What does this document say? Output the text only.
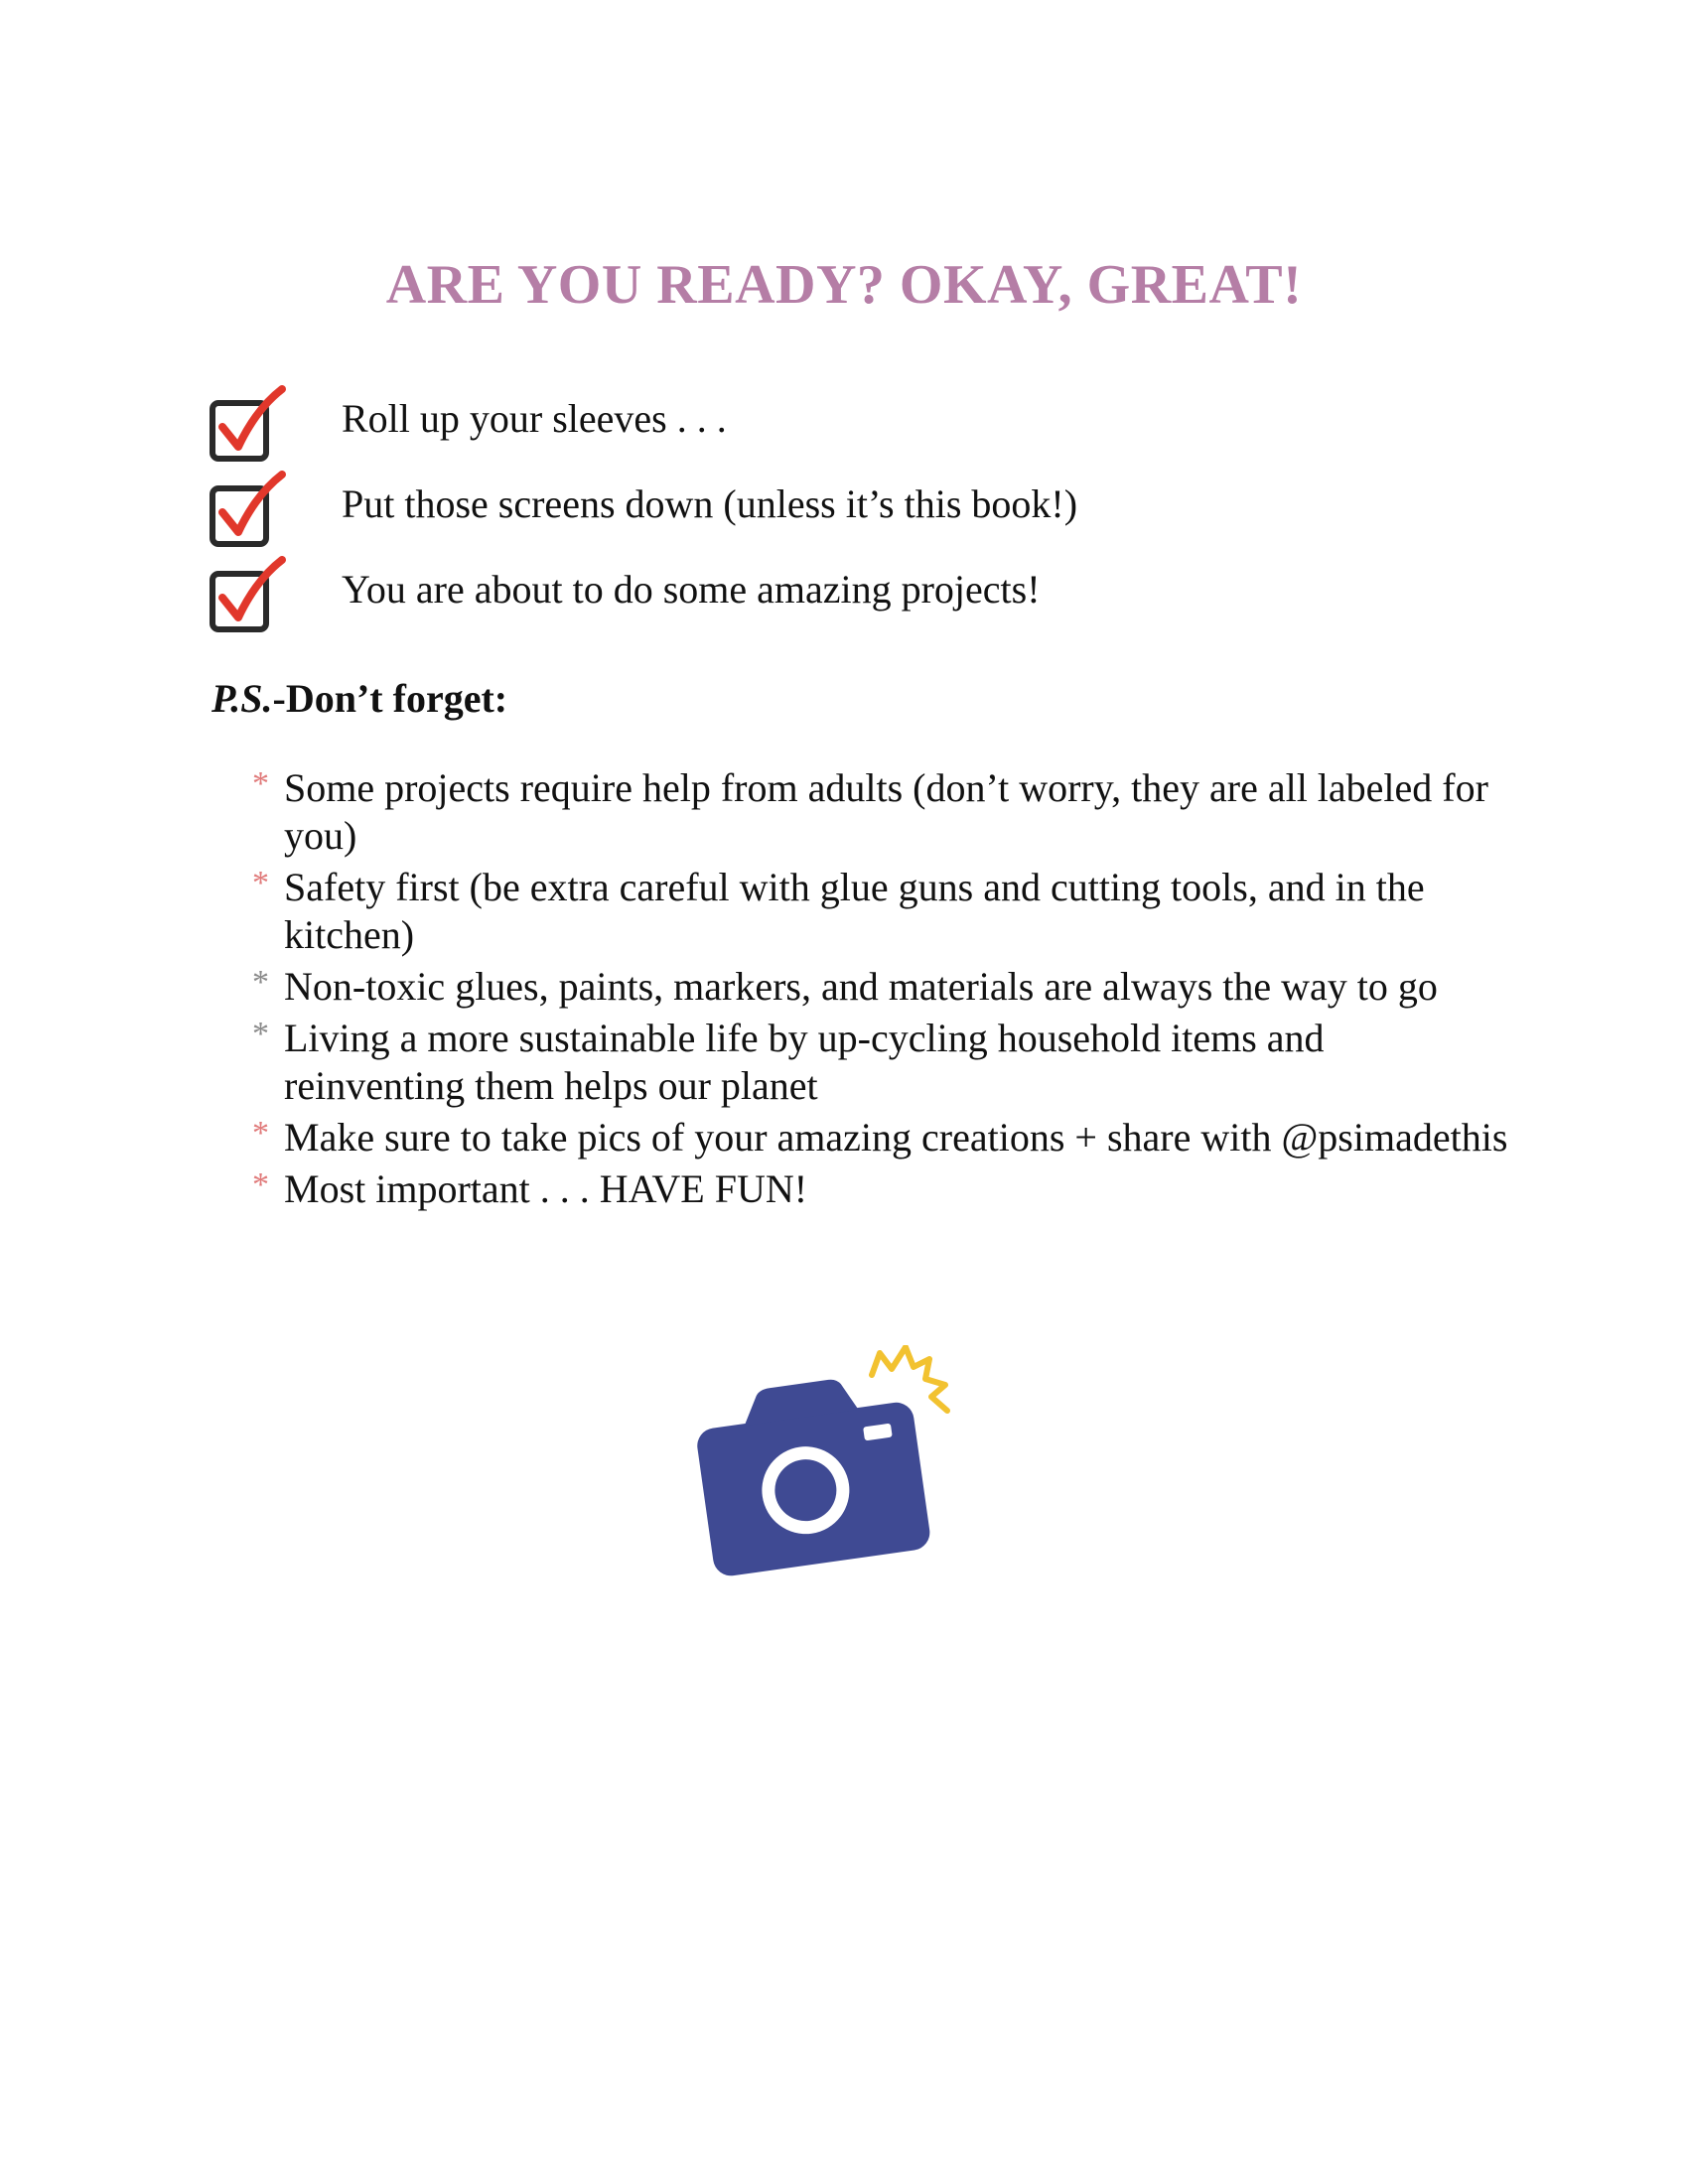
ARE YOU READY? OKAY, GREAT!
Roll up your sleeves . . .
Put those screens down (unless it’s this book!)
You are about to do some amazing projects!
P.S.-Don’t forget:
* Some projects require help from adults (don’t worry, they are all labeled for you)
* Safety first (be extra careful with glue guns and cutting tools, and in the kitchen)
* Non-toxic glues, paints, markers, and materials are always the way to go
* Living a more sustainable life by up-cycling household items and reinventing them helps our planet
* Make sure to take pics of your amazing creations + share with @psimadethis
* Most important . . . HAVE FUN!
